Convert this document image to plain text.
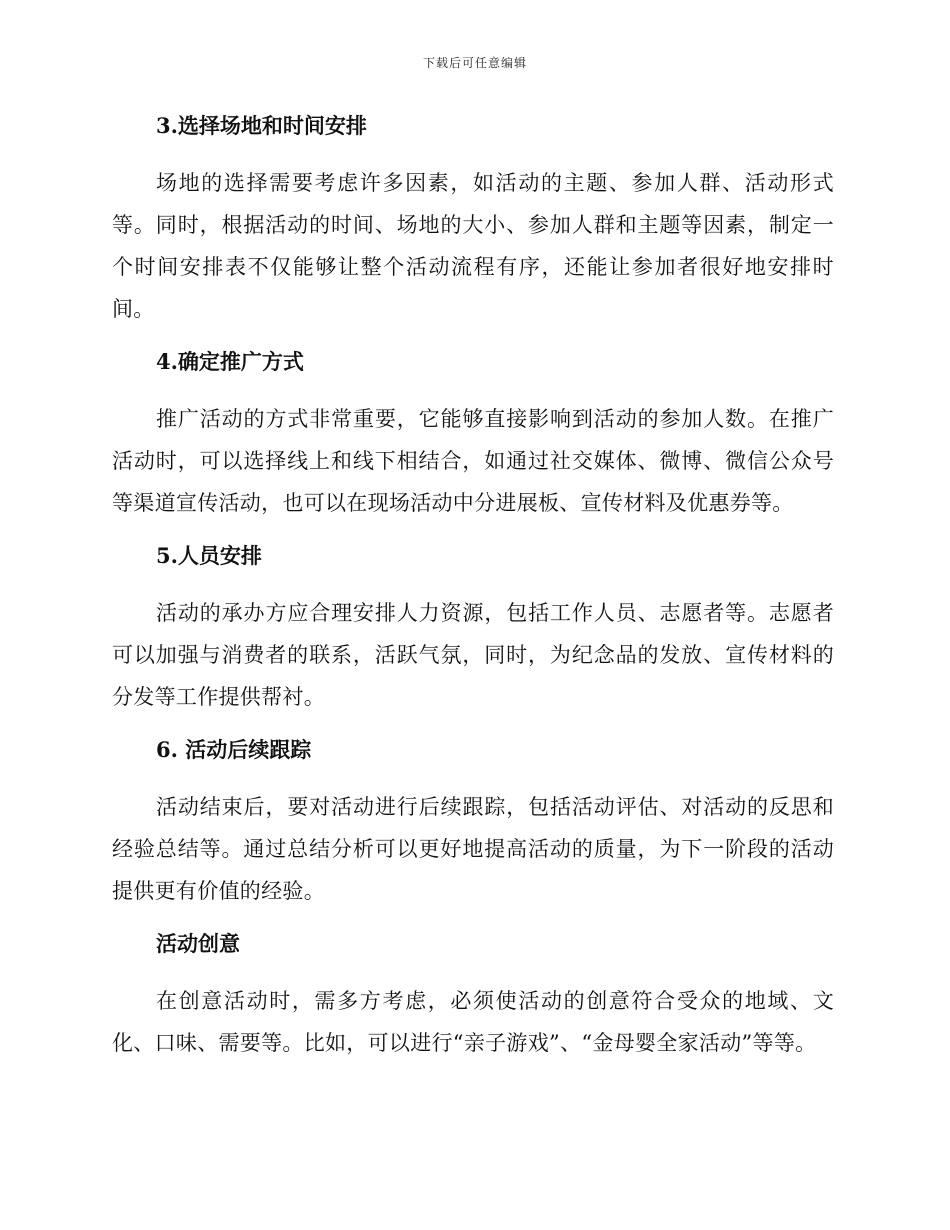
下载后可任意编辑
3.选择场地和时间安排

场地的选择需要考虑许多因素，如活动的主题、参加人群、活动形式等。同时，根据活动的时间、场地的大小、参加人群和主题等因素，制定一个时间安排表不仅能够让整个活动流程有序，还能让参加者很好地安排时间。

4.确定推广方式

推广活动的方式非常重要，它能够直接影响到活动的参加人数。在推广活动时，可以选择线上和线下相结合，如通过社交媒体、微博、微信公众号等渠道宣传活动，也可以在现场活动中分进展板、宣传材料及优惠券等。

5.人员安排

活动的承办方应合理安排人力资源，包括工作人员、志愿者等。志愿者可以加强与消费者的联系，活跃气氛，同时，为纪念品的发放、宣传材料的分发等工作提供帮衬。

6. 活动后续跟踪

活动结束后，要对活动进行后续跟踪，包括活动评估、对活动的反思和经验总结等。通过总结分析可以更好地提高活动的质量，为下一阶段的活动提供更有价值的经验。

活动创意

在创意活动时，需多方考虑，必须使活动的创意符合受众的地域、文化、口味、需要等。比如，可以进行“亲子游戏”、“金母婴全家活动”等等。
